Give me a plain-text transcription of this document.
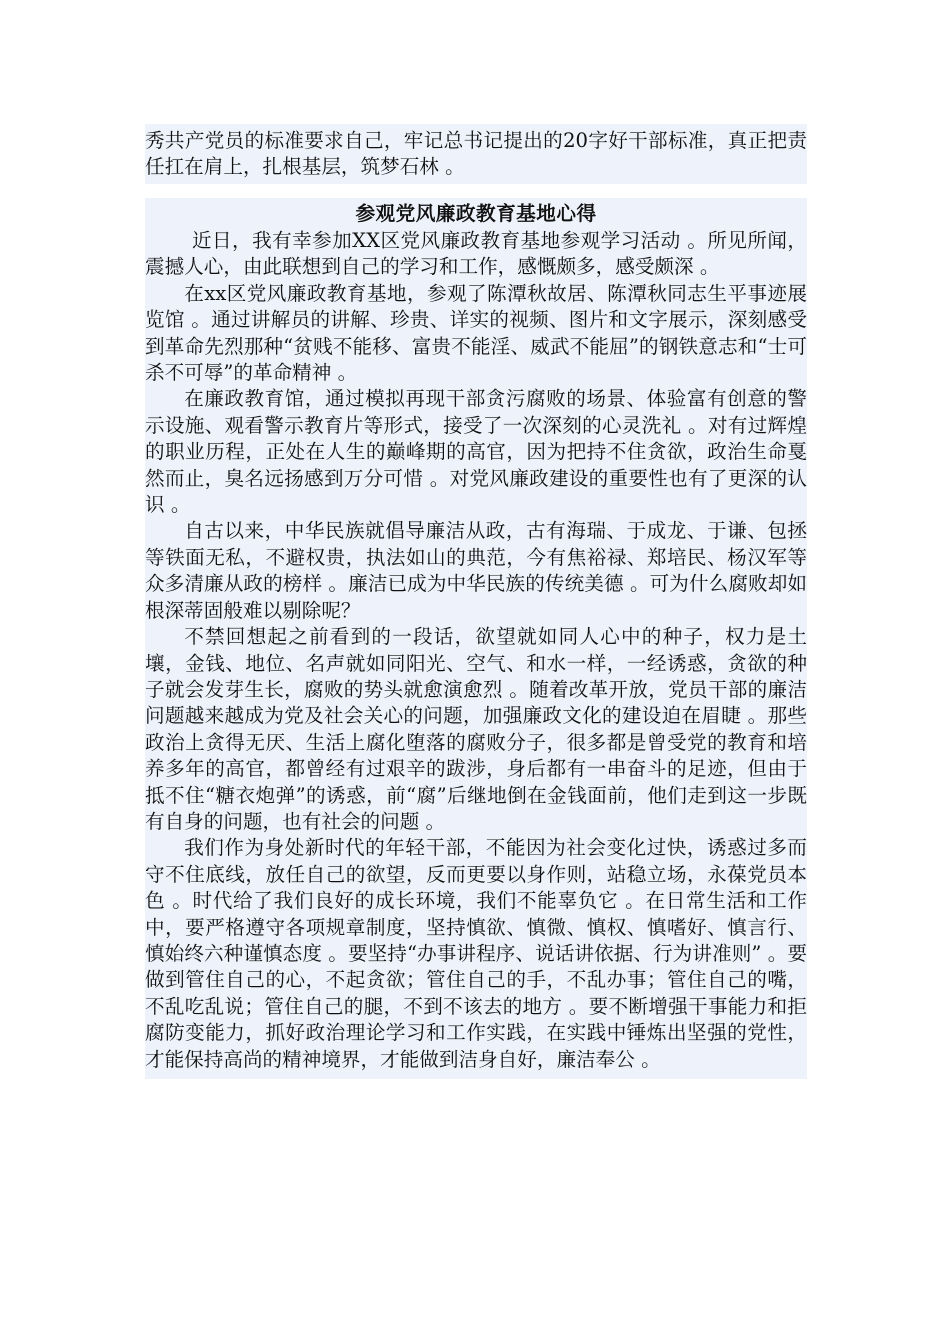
秀共产党员的标准要求自己，牢记总书记提出的20字好干部标准，真正把责任扛在肩上，扎根基层，筑梦石林 。

参观党风廉政教育基地心得

近日，我有幸参加XX区党风廉政教育基地参观学习活动 。所见所闻，震撼人心，由此联想到自己的学习和工作，感慨颇多，感受颇深 。

在xx区党风廉政教育基地，参观了陈潭秋故居、陈潭秋同志生平事迹展览馆 。通过讲解员的讲解、珍贵、详实的视频、图片和文字展示，深刻感受到革命先烈那种“贫贱不能移、富贵不能淫、威武不能屈”的钢铁意志和“士可杀不可辱”的革命精神 。

在廉政教育馆，通过模拟再现干部贪污腐败的场景、体验富有创意的警示设施、观看警示教育片等形式，接受了一次深刻的心灵洗礼 。对有过辉煌的职业历程，正处在人生的巅峰期的高官，因为把持不住贪欲，政治生命戛然而止，臭名远扬感到万分可惜 。对党风廉政建设的重要性也有了更深的认识 。

自古以来，中华民族就倡导廉洁从政，古有海瑞、于成龙、于谦、包拯等铁面无私，不避权贵，执法如山的典范，今有焦裕禄、郑培民、杨汉军等众多清廉从政的榜样 。廉洁已成为中华民族的传统美德 。可为什么腐败却如根深蒂固般难以剔除呢？

不禁回想起之前看到的一段话，欲望就如同人心中的种子，权力是土壤，金钱、地位、名声就如同阳光、空气、和水一样，一经诱惑，贪欲的种子就会发芽生长，腐败的势头就愈演愈烈 。随着改革开放，党员干部的廉洁问题越来越成为党及社会关心的问题，加强廉政文化的建设迫在眉睫 。那些政治上贪得无厌、生活上腐化堕落的腐败分子，很多都是曾受党的教育和培养多年的高官，都曾经有过艰辛的跋涉，身后都有一串奋斗的足迹，但由于抵不住“糖衣炮弹”的诱惑，前“腐”后继地倒在金钱面前，他们走到这一步既有自身的问题，也有社会的问题 。

我们作为身处新时代的年轻干部，不能因为社会变化过快，诱惑过多而守不住底线，放任自己的欲望，反而更要以身作则，站稳立场，永葆党员本色 。时代给了我们良好的成长环境，我们不能辜负它 。在日常生活和工作中，要严格遵守各项规章制度，坚持慎欲、慎微、慎权、慎嗜好、慎言行、慎始终六种谨慎态度 。要坚持“办事讲程序、说话讲依据、行为讲准则” 。要做到管住自己的心，不起贪欲；管住自己的手，不乱办事；管住自己的嘴，不乱吃乱说；管住自己的腿，不到不该去的地方 。要不断增强干事能力和拒腐防变能力，抓好政治理论学习和工作实践，在实践中锤炼出坚强的党性，才能保持高尚的精神境界，才能做到洁身自好，廉洁奉公 。
